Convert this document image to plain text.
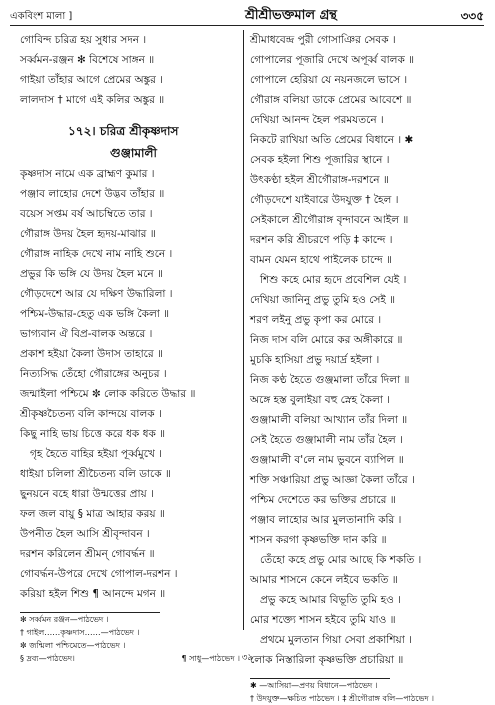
একবিংশ মালা ]	শ্রীশ্রীভক্তমাল গ্রন্থ	৩৩৫
গোবিন্দ চরিত্র হয় সুধার সদন ।
সর্ব্বমন-রঞ্জন ✻ বিশেষে সাঙ্গন ॥
গাইয়া তাঁহার আগে প্রেমের অঙ্কুর ।
লালদাস † মাগে এই কলির অঙ্কুর ॥
১৭২। চরিত্র শ্রীকৃষ্ণদাস
গুঞ্জামালী
কৃষ্ণদাস নামে এক ব্রাহ্মণ কুমার ।
পঞ্জাব লাহোর দেশে উদ্ভব তাঁহার ॥
বয়েস সপ্তম বর্ষ আচম্বিতে তার ।
গৌরাঙ্গ উদয় হৈল হৃদয়-মাঝার ॥
গৌরাঙ্গ নাহিক দেখে নাম নাহি শুনে ।
প্রভুর কি ভঙ্গি যে উদয় হৈল মনে ॥
গৌড়দেশে আর যে দক্ষিণ উদ্ধারিলা ।
পশ্চিম-উদ্ধার-হেতু এক ভঙ্গি কৈলা ॥
ভাগ্যবান ঐ বিপ্র-বালক অন্তরে ।
প্রকাশ হইয়া কৈলা উদাস তাহারে ॥
নিত্যসিদ্ধ তেঁহো গৌরাঙ্গের অনুচর ।
জন্মাইলা পশ্চিমে ✼ লোক করিতে উদ্ধার ॥
শ্রীকৃষ্ণচৈতন্য বলি কান্দয়ে বালক ।
কিছু নাহি ভায় চিত্তে করে ধক ধক ॥
গৃহ হৈতে বাহির হইয়া পূর্ব্বমুখে ।
ধাইয়া চলিলা শ্রীচৈতন্য বলি ডাকে ॥
ছুনয়নে বহে ধারা উন্মত্তের প্রায় ।
ফল জল বায়ু § মাত্র আহার করয় ॥
উপনীত হৈল আসি শ্রীবৃন্দাবন ।
দরশন করিলেন শ্রীমন্ গোবর্দ্ধন ॥
গোবর্দ্ধন-উপরে দেখে গোপাল-দরশন ।
করিয়া হইল শিশু ¶ আনন্দে মগন ॥
✻ সর্ব্বমন রঞ্জন—পাঠভেদ ।
† গাইল……কৃষ্ণদাস……—পাঠভেদ ।
✼ জন্মিলা পশ্চিমেতে—পাঠভেদ ।
§ দ্রব্য—পাঠভেদ।	¶ সাধু—পাঠভেদ ।
শ্রীমাধবেন্দ্র পুরী গোসাঞির সেবক ।
গোপালের পূজারি দেখে অপূর্ব্ব বালক ॥
গোপালে হেরিয়া যে নয়নজলে ভাসে ।
গৌরাঙ্গ বলিয়া ডাকে প্রেমের আবেশে ॥
দেখিয়া আনন্দ হৈল পরমযতনে ।
নিকটে রাখিয়া অতি প্রেমের বিধানে । ✱
সেবক হইলা শিশু পূজারির স্থানে ।
উৎকণ্ঠা হইল শ্রীগৌরাঙ্গ-দরশনে ॥
গৌড়দেশে যাইবারে উদযুক্ত † হৈল ।
সেইকালে শ্রীগৌরাঙ্গ বৃন্দাবনে আইল ॥
দরশন করি শ্রীচরণে পড়ি ‡ কান্দে ।
বামন যেমন হাথে পাইলেক চান্দে ॥
শিশু কহে মোর হৃদে প্রবেশিল যেই ।
দেখিয়া জানিনু প্রভু তুমি হও সেই ॥
শরণ লইনু প্রভু কৃপা কর মোরে ।
নিজ দাস বলি মোরে কর অঙ্গীকারে ॥
মুচকি হাসিয়া প্রভু দয়ার্দ্র হইলা ।
নিজ কণ্ঠ হৈতে গুঞ্জমালা তাঁরে দিলা ॥
অঙ্গে হস্ত বুলাইয়া বহু স্নেহ কৈলা ।
গুঞ্জামালী বলিয়া আখ্যান তাঁর দিলা ॥
সেই হৈতে গুঞ্জামালী নাম তাঁর হৈল ।
গুঞ্জামালী ব'লে নাম ভুবনে ব্যাপিল ॥
শক্তি সঞ্চারিয়া প্রভু আজ্ঞা কৈলা তাঁরে ।
পশ্চিম দেশেতে কর ভক্তির প্রচারে ॥
পঞ্জাব লাহোর আর মুলতানাদি করি ।
শাসন করগা কৃষ্ণভক্তি দান করি ॥
তেঁহো কহে প্রভু মোর আছে কি শকতি ।
আমার শাসনে কেনে লইবে ভকতি ॥
প্রভু কহে আমার বিভূতি তুমি হও ।
মোর শক্ত্যে শাসন হইবে তুমি যাও ॥
প্রথমে মুলতান গিয়া সেবা প্রকাশিয়া ।
লোক নিস্তারিলা কৃষ্ণভক্তি প্রচারিয়া ॥
✱ —আসিয়া—প্রণয় বিধানে—পাঠভেদ ।
† উদযুক্ত—ক্ষচিত পাঠভেদ । ‡ শ্রীগৌরাঙ্গ বলি—পাঠভেদ ।
৩৯
